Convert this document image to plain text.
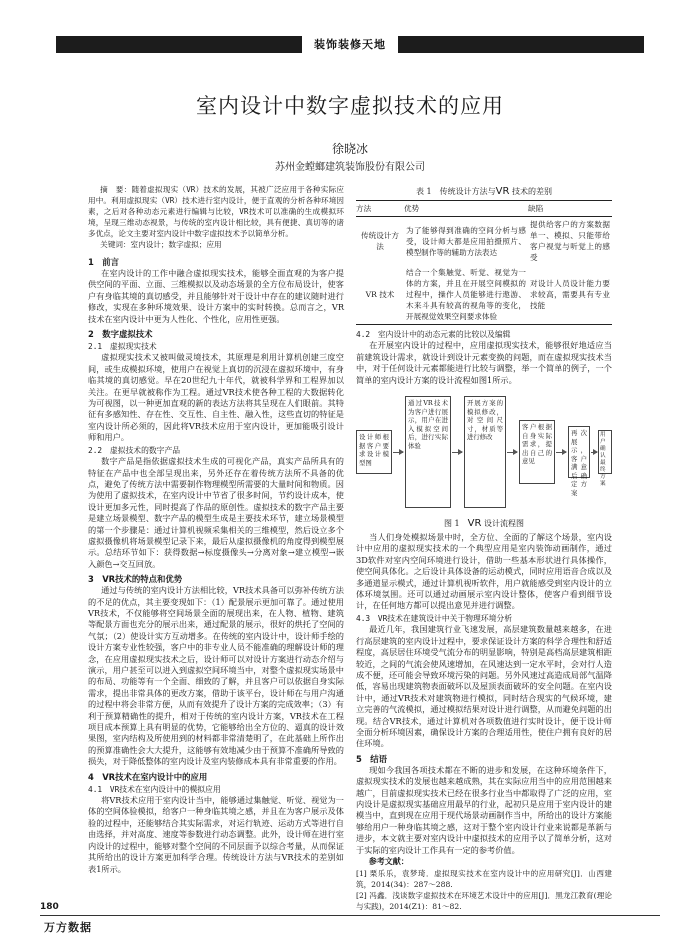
装饰装修天地
室内设计中数字虚拟技术的应用
徐晓冰
苏州金螳螂建筑装饰股份有限公司

摘　要：随着虚拟现实（VR）技术的发展，其被广泛应用于各种实际应用中。利用虚拟现实（VR）技术进行室内设计，便于直观的分析各种环境因素，之后对各种动态元素进行编辑与比较，VR技术可以准确的生成模拟环境，呈现三维动态视景，与传统的室内设计相比较，具有便捷、真切等的诸多优点，论文主要对室内设计中数字虚拟技术予以简单分析。

关键词：室内设计；数字虚拟；应用

1　前言

在室内设计的工作中融合虚拟现实技术，能够全面直观的为客户提供空间的平面、立面、三维模拟以及动态场景的全方位布局设计，使客户有身临其境的真切感受，并且能够针对于设计中存在的建议随时进行修改，实现在多种环境效果、设计方案中的实时转换。总而言之，VR技术在室内设计中更为人性化、个性化，应用性更强。

2　数字虚拟技术
2.1　虚拟现实技术

虚拟现实技术又被叫做灵境技术，其原理是利用计算机创建三度空间，或生成模拟环境，使用户在视觉上真切的沉浸在虚拟环境中，有身临其境的真切感觉。早在20世纪九十年代，就被科学界和工程界加以关注。在更早就被称作为工程。通过VR技术使各种工程的大数据转化为可视图，以一种更加直观的新的表达方法将其呈现在人们眼前。其特征有多感知性、存在性、交互性、自主性、融入性，这些直切的特征是室内设计所必须的，因此将VR技术应用于室内设计，更加能吸引设计师和用户。

2.2　虚拟技术的数字产品

数字产品是指依据虚拟技术生成的可视化产品，真实产品所具有的特征在产品中也全部呈现出来，另外还存在着传统方法所不具备的优点，避免了传统方法中需要制作物理模型所需要的大量时间和物质。因为使用了虚拟技术，在室内设计中节省了很多时间，节约设计成本，使设计更加多元性，同时提高了作品的原创性。虚拟技术的数字产品主要是建立场景模型、数字产品的模型生成是主要技术环节，建立场景模型的第一个步骤是：通过计算机视频采集相关的三维模型，然后设立多个虚拟摄像机将场景模型记录下来，最后从虚拟摄像机的角度得到模型展示。总结环节如下：获得数据→标度摄像头→分离对象→建立模型→嵌入颜色→交互回放。

3　VR技术的特点和优势

通过与传统的室内设计方法相比较，VR技术具备可以弥补传统方法的不足的优点，其主要变现如下：（1）配景展示更加可靠了。通过使用VR技术，不仅能够将空间场景全面的展现出来，在人物、植物、建筑等配景方面也充分的展示出来，通过配景的展示，很好的烘托了空间的气氛；（2）使设计实方互动增多。在传统的室内设计中，设计师手绘的设计方案专业性较强，客户中的非专业人员不能准确的理解设计师的理念，在应用虚拟现实技术之后，设计师可以对设计方案进行动态介绍与演示，用户甚至可以进入到虚拟空间环境当中，对整个虚拟现实场景中的布局、功能等有一个全面、细致的了解，并且客户可以依据自身实际需求，提出非常具体的更改方案，借助于该平台，设计师在与用户沟通的过程中将会非常方便，从而有效提升了设计方案的完成效率；（3）有利于预算精确性的提升，相对于传统的室内设计方案，VR技术在工程项目成本预算上具有明显的优势，它能够给出全方位的、逼真的设计效果图，室内结构及所使用到的材料都非常清楚明了，在此基础上所作出的预算准确性会大大提升，这能够有效地减少由于预算不准确所导致的损失，对于降低整体的室内设计及室内装修成本具有非常重要的作用。

4　VR技术在室内设计中的应用
4.1　VR技术在室内设计中的模拟应用

将VR技术应用于室内设计当中，能够通过集触觉、听觉、视觉为一体的空间体验模拟，给客户一种身临其境之感，并且在为客户展示及体验的过程中，还能够结合其实际需求，对运行轨迹、运动方式等进行自由选择，并对高度、速度等参数进行动态调整。此外，设计师在进行室内设计的过程中，能够对整个空间的不同层面予以综合考量，从而保证其所给出的设计方案更加科学合理。传统设计方法与VR技术的差别如表1所示。

表 1　传统设计方法与VR 技术的差别
方法	优势	缺陷
传统设计方法	为了能够得到准确的空间分析与感受，设计师大都是应用拍摄照片、模型制作等的辅助方法表达	提供给客户的方案数据单一、模拟、只能带给客户视觉与听觉上的感受
VR 技术	结合一个集触觉、听觉、视觉为一体的方案，并且在开展空间模拟的过程中，操作人员能够进行遨游、木来斗具有较高的视角等的变化，开展视觉效果空间要求体验	对设计人员设计能力要求较高，需要具有专业技能
4.2　室内设计中的动态元素的比较以及编辑

在开展室内设计的过程中，应用虚拟现实技术，能够很好地适应当前建筑设计需求，就设计到设计元素变换的问题，而在虚拟现实技术当中，对于任何设计元素都能进行比较与调整，举一个简单的例子，一个简单的室内设计方案的设计流程如图1所示。

设计师根据客户要求设计模型图
通过VR技术为客户进行展示，用户在进入模拟空间后，进行实际体验
开展方案的模拟修改，对空间尺寸，材质等进行修改
客户根据自身实际需求，提出自己的意见
再次展示，客户满意后确定方案
用户确认最终方案
图 1　VR 设计流程图

当人们身处模拟场景中时，全方位、全面的了解这个场景，室内设计中应用的虚拟现实技术的一个典型应用是室内装饰动画制作，通过3D软件对室内空间环境进行设计，借助一些基本形状进行具体操作，使空间具体化。之后设计具体设备的运动模式，同时应用语音合成以及多通道显示模式，通过计算机视听软件，用户就能感受到室内设计的立体环境氛围。还可以通过动画展示室内设计整体，使客户看到细节设计，在任何地方都可以提出意见并进行调整。

4.3　VR技术在建筑设计中关于物理环境分析

最近几年，我国建筑行业飞速发展，高层建筑数量越来越多，在进行高层建筑的室内设计过程中，要求保证设计方案的科学合理性和舒适程度，高层居住环境受气流分布的明显影响，特别是高档高层建筑相距较近，之间的气流会使风速增加，在风速达到一定水平时，会对行人造成不便，还可能会导致环境污染的问题。另外风速过高造成局部气温降低，容易出现建筑物表面破坏以及屋顶表面破坏的安全问题。在室内设计中，通过VR技术对建筑物进行模拟，同时结合现实的气候环境，建立完善的气流模拟，通过模拟结果对设计进行调整，从而避免问题的出现。结合VR技术，通过计算机对各项数值进行实时设计，便于设计师全面分析环境因素，确保设计方案的合理适用性，使住户拥有良好的居住环境。

5　结语

现如今我国各项技术都在不断的进步和发展，在这种环境条件下，虚拟现实技术的发展也越来越成熟，其在实际应用当中的应用范围越来越广，目前虚拟现实技术已经在很多行业当中都取得了广泛的应用，室内设计是虚拟现实基础应用最早的行业，起初只是应用于室内设计的建模当中，直到现在应用于现代场景动画制作当中，所给出的设计方案能够给用户一种身临其境之感，这对于整个室内设计行业来说都是革新与进步，本文就主要对室内设计中虚拟技术的应用予以了简单分析，这对于实际的室内设计工作具有一定的参考价值。

参考文献：

[1] 栗乐乐，袁梦琦．虚拟现实技术在室内设计中的应用研究[J]．山西建筑，2014(34)：287～288.

[2] 冯鑫．浅谈数字虚拟技术在环境艺术设计中的应用[J]．黑龙江教育(理论与实践)，2014(Z1)：81～82.

180
万方数据
